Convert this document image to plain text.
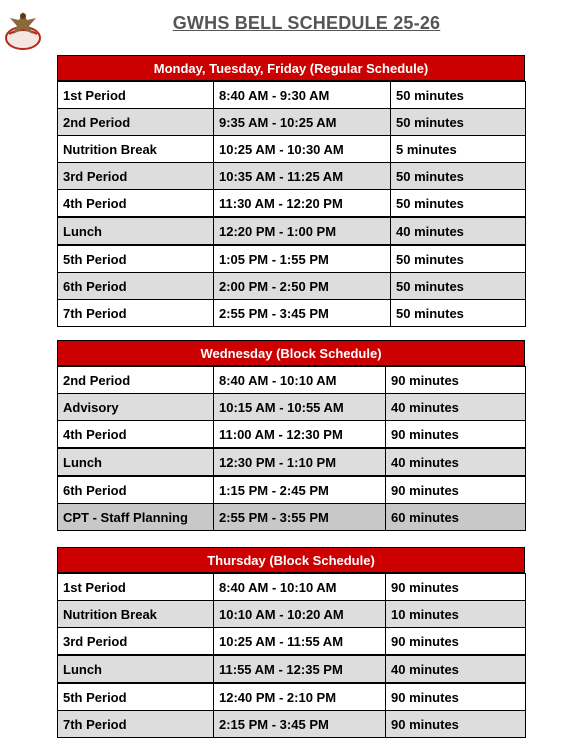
GWHS BELL SCHEDULE 25-26
Monday, Tuesday, Friday (Regular Schedule)
1st Period	8:40 AM - 9:30 AM	50 minutes
2nd Period	9:35 AM - 10:25 AM	50 minutes
Nutrition Break	10:25 AM - 10:30 AM	5 minutes
3rd Period	10:35 AM - 11:25 AM	50 minutes
4th Period	11:30 AM - 12:20 PM	50 minutes
Lunch	12:20 PM - 1:00 PM	40 minutes
5th Period	1:05 PM - 1:55 PM	50 minutes
6th Period	2:00 PM - 2:50 PM	50 minutes
7th Period	2:55 PM - 3:45 PM	50 minutes
Wednesday (Block Schedule)
2nd Period	8:40 AM - 10:10 AM	90 minutes
Advisory	10:15 AM - 10:55 AM	40 minutes
4th Period	11:00 AM - 12:30 PM	90 minutes
Lunch	12:30 PM - 1:10 PM	40 minutes
6th Period	1:15 PM - 2:45 PM	90 minutes
CPT - Staff Planning	2:55 PM - 3:55 PM	60 minutes
Thursday (Block Schedule)
1st Period	8:40 AM - 10:10 AM	90 minutes
Nutrition Break	10:10 AM - 10:20 AM	10 minutes
3rd Period	10:25 AM - 11:55 AM	90 minutes
Lunch	11:55 AM - 12:35 PM	40 minutes
5th Period	12:40 PM - 2:10 PM	90 minutes
7th Period	2:15 PM - 3:45 PM	90 minutes
